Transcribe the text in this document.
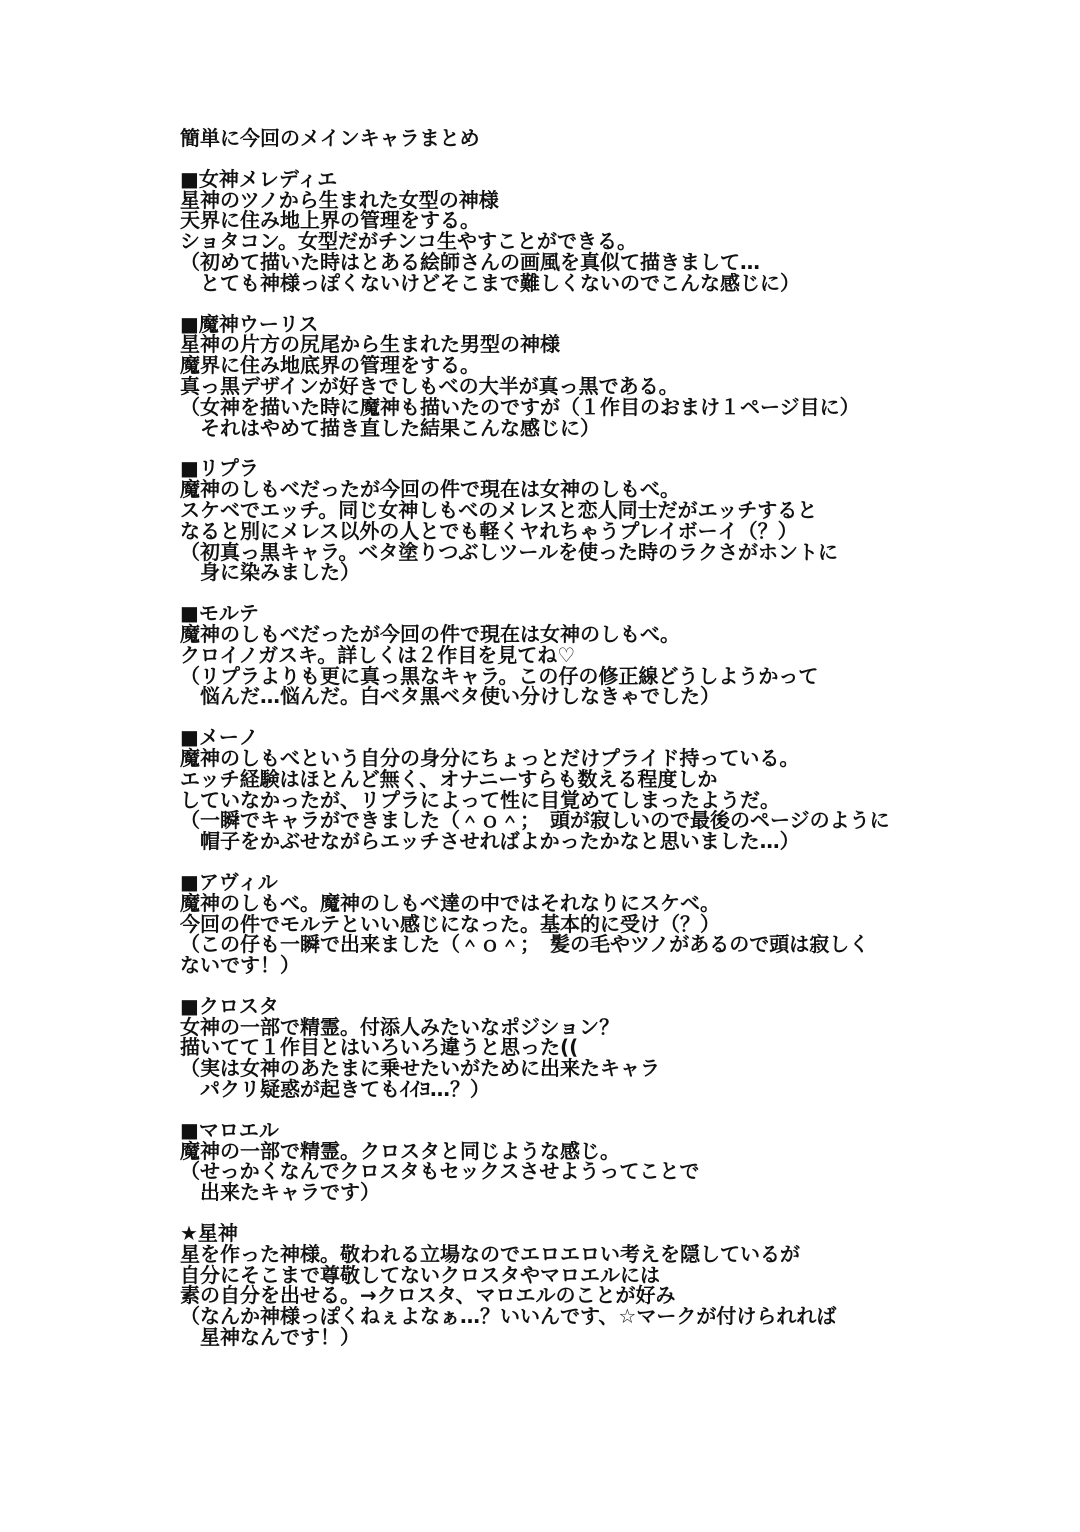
簡単に今回のメインキャラまとめ
■女神メレディエ
星神のツノから生まれた女型の神様
天界に住み地上界の管理をする。
ショタコン。女型だがチンコ生やすことができる。
（初めて描いた時はとある絵師さんの画風を真似て描きまして…
　とても神様っぽくないけどそこまで難しくないのでこんな感じに）
■魔神ウーリス
星神の片方の尻尾から生まれた男型の神様
魔界に住み地底界の管理をする。
真っ黒デザインが好きでしもべの大半が真っ黒である。
（女神を描いた時に魔神も描いたのですが（１作目のおまけ１ページ目に）
　それはやめて描き直した結果こんな感じに）
■リプラ
魔神のしもべだったが今回の件で現在は女神のしもべ。
スケベでエッチ。同じ女神しもべのメレスと恋人同士だがエッチすると
なると別にメレス以外の人とでも軽くヤれちゃうプレイボーイ（？）
（初真っ黒キャラ。ベタ塗りつぶしツールを使った時のラクさがホントに
　身に染みました）
■モルテ
魔神のしもべだったが今回の件で現在は女神のしもべ。
クロイノガスキ。詳しくは２作目を見てね♡
（リプラよりも更に真っ黒なキャラ。この仔の修正線どうしようかって
　悩んだ…悩んだ。白ベタ黒ベタ使い分けしなきゃでした）
■メーノ
魔神のしもべという自分の身分にちょっとだけプライド持っている。
エッチ経験はほとんど無く、オナニーすらも数える程度しか
していなかったが、リプラによって性に目覚めてしまったようだ。
（一瞬でキャラができました（＾ｏ＾；　頭が寂しいので最後のページのように
　帽子をかぶせながらエッチさせればよかったかなと思いました…）
■アヴィル
魔神のしもべ。魔神のしもべ達の中ではそれなりにスケベ。
今回の件でモルテといい感じになった。基本的に受け（？）
（この仔も一瞬で出来ました（＾ｏ＾；　髪の毛やツノがあるので頭は寂しく
ないです！）
■クロスタ
女神の一部で精霊。付添人みたいなポジション？
描いてて１作目とはいろいろ違うと思った((
（実は女神のあたまに乗せたいがために出来たキャラ
　パクリ疑惑が起きてもｲｲﾖ…？）
■マロエル
魔神の一部で精霊。クロスタと同じような感じ。
（せっかくなんでクロスタもセックスさせようってことで
　出来たキャラです）
★星神
星を作った神様。敬われる立場なのでエロエロい考えを隠しているが
自分にそこまで尊敬してないクロスタやマロエルには
素の自分を出せる。→クロスタ、マロエルのことが好み
（なんか神様っぽくねぇよなぁ…？いいんです、☆マークが付けられれば
　星神なんです！）
